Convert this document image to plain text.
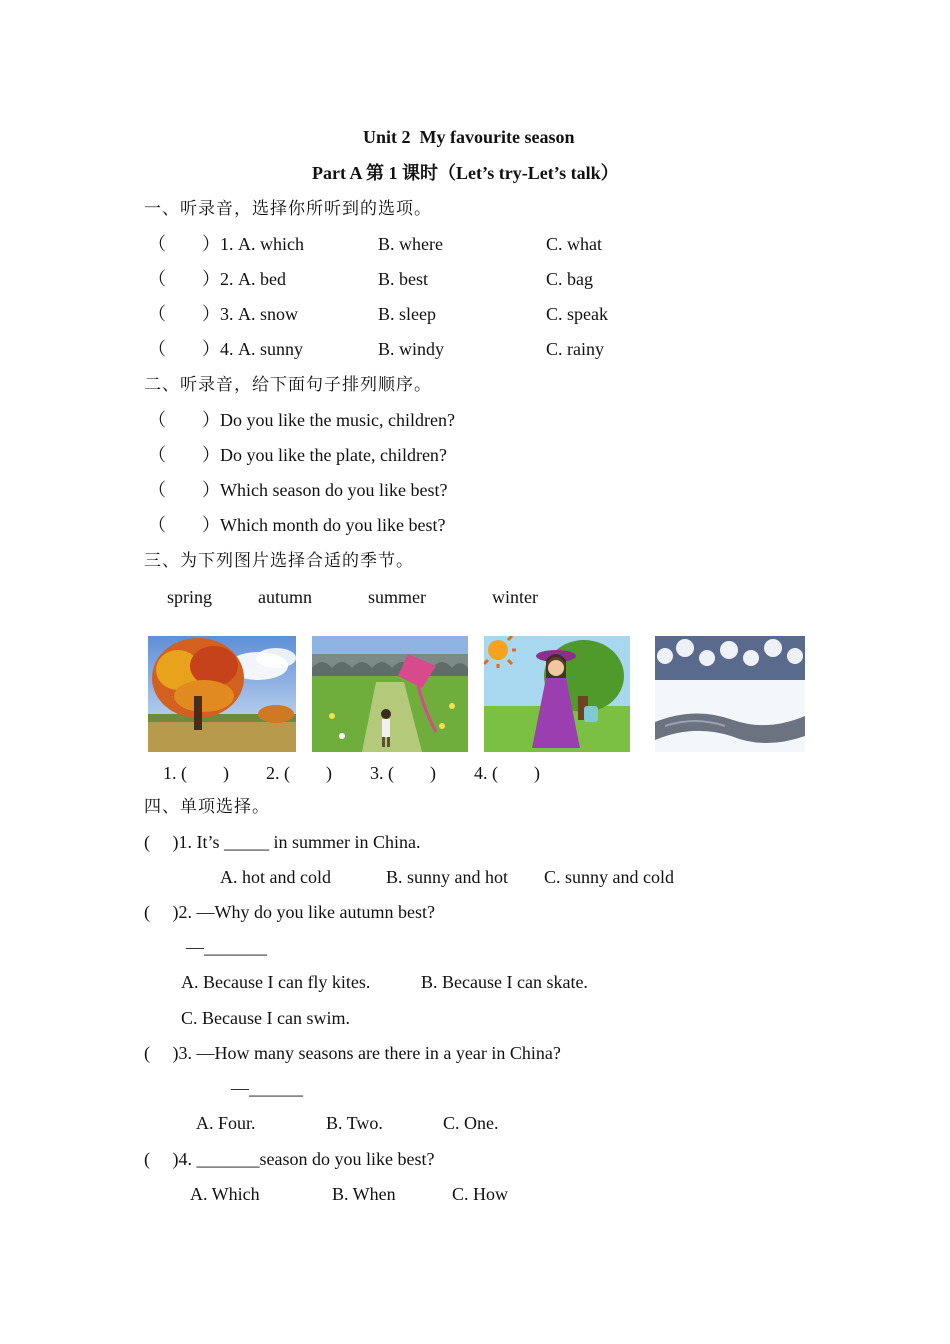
Unit 2  My favourite season
Part A 第 1 课时（Let’s try-Let’s talk）
一、听录音，选择你所听到的选项。
（　　）1. A. which	B. where	C. what
（　　）2. A. bed	B. best	C. bag
（　　）3. A. snow	B. sleep	C. speak
（　　）4. A. sunny	B. windy	C. rainy
二、听录音，给下面句子排列顺序。
（　　）Do you like the music, children?
（　　）Do you like the plate, children?
（　　）Which season do you like best?
（　　）Which month do you like best?
三、为下列图片选择合适的季节。
spring	autumn	summer	winter
1. (　　) 2. (　　) 3. (　　) 4. (　　)
四、单项选择。
(　 )1. It’s _____ in summer in China.
A. hot and cold	B. sunny and hot C. sunny and cold
(　 )2. —Why do you like autumn best?
—_______
A. Because I can fly kites.	B. Because I can skate.
C. Because I can swim.
(　 )3. —How many seasons are there in a year in China?
—______
A. Four.	B. Two.	C. One.
(　 )4. _______season do you like best?
A. Which	B. When	C. How
